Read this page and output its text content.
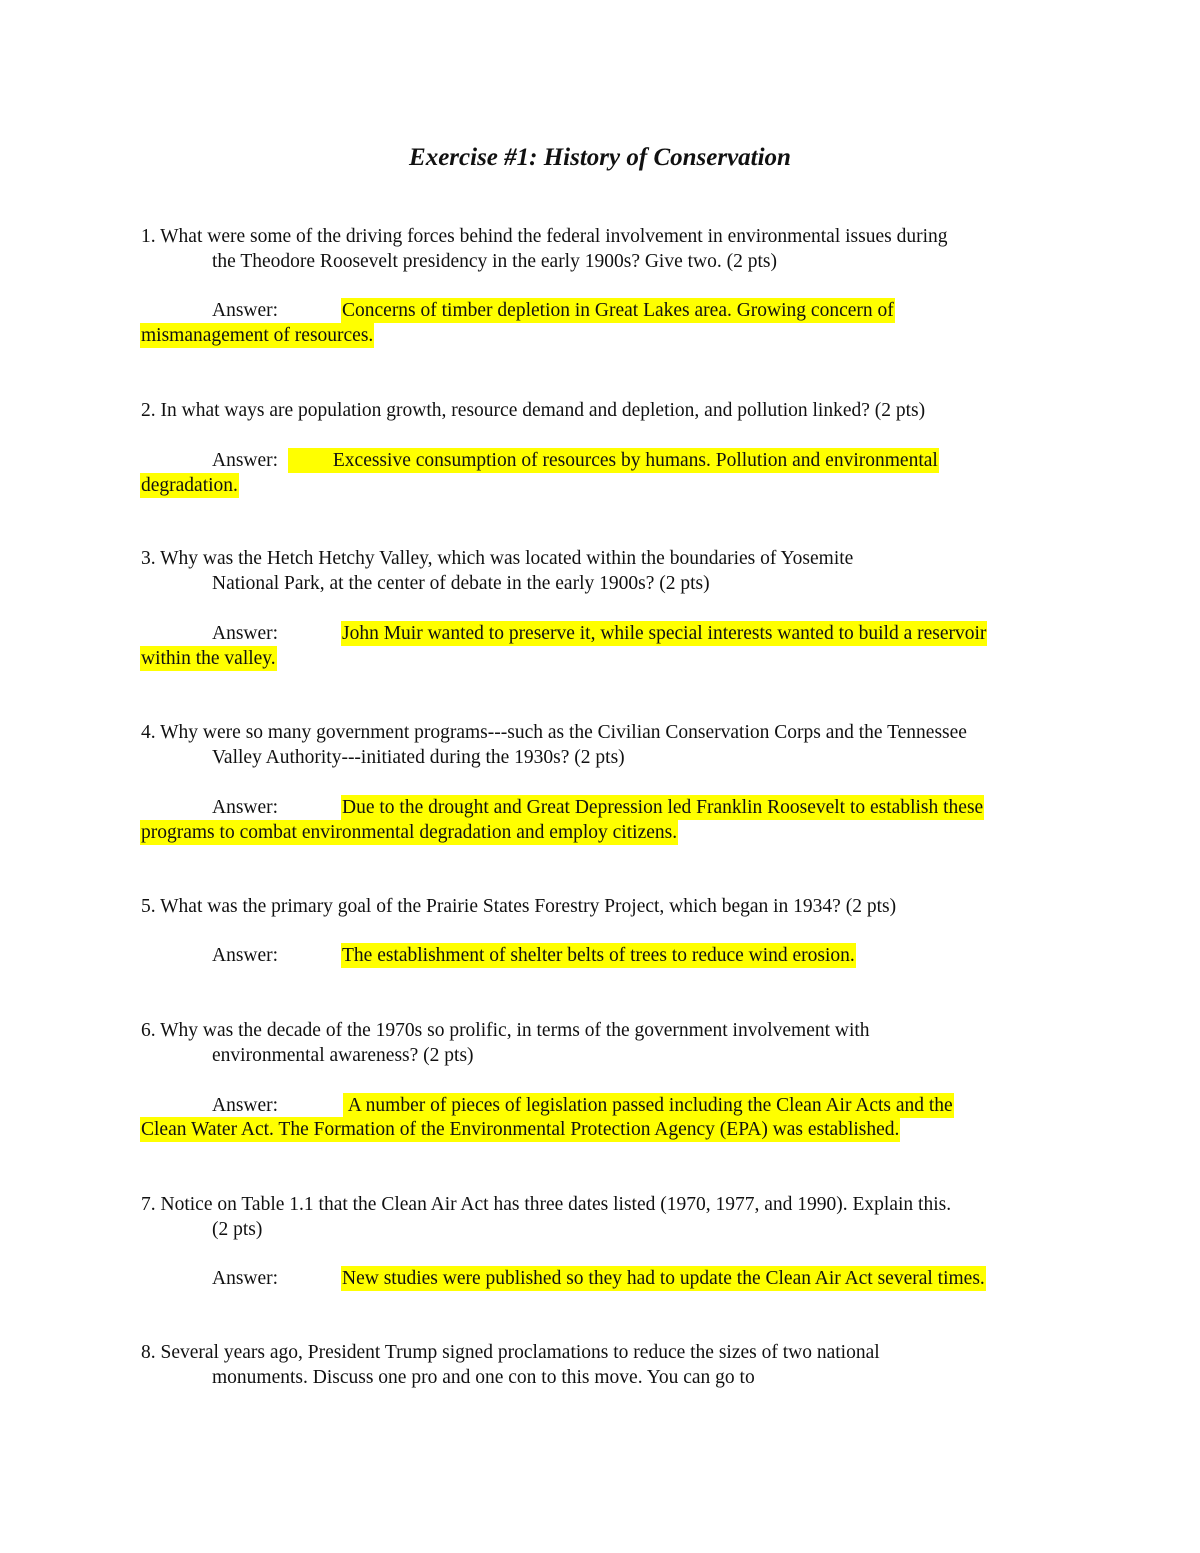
Exercise #1: History of Conservation
1. What were some of the driving forces behind the federal involvement in environmental issues during
the Theodore Roosevelt presidency in the early 1900s? Give two. (2 pts)
Answer:	Concerns of timber depletion in Great Lakes area. Growing concern of
mismanagement of resources.
2. In what ways are population growth, resource demand and depletion, and pollution linked? (2 pts)
Answer: Excessive consumption of resources by humans. Pollution and environmental
degradation.
3. Why was the Hetch Hetchy Valley, which was located within the boundaries of Yosemite
National Park, at the center of debate in the early 1900s? (2 pts)
Answer:	John Muir wanted to preserve it, while special interests wanted to build a reservoir
within the valley.
4. Why were so many government programs---such as the Civilian Conservation Corps and the Tennessee
Valley Authority---initiated during the 1930s? (2 pts)
Answer:	Due to the drought and Great Depression led Franklin Roosevelt to establish these
programs to combat environmental degradation and employ citizens.
5. What was the primary goal of the Prairie States Forestry Project, which began in 1934? (2 pts)
Answer:	The establishment of shelter belts of trees to reduce wind erosion.
6. Why was the decade of the 1970s so prolific, in terms of the government involvement with
environmental awareness? (2 pts)
Answer:	A number of pieces of legislation passed including the Clean Air Acts and the
Clean Water Act. The Formation of the Environmental Protection Agency (EPA) was established.
7. Notice on Table 1.1 that the Clean Air Act has three dates listed (1970, 1977, and 1990). Explain this.
(2 pts)
Answer:	New studies were published so they had to update the Clean Air Act several times.
8. Several years ago, President Trump signed proclamations to reduce the sizes of two national
monuments. Discuss one pro and one con to this move. You can go to
